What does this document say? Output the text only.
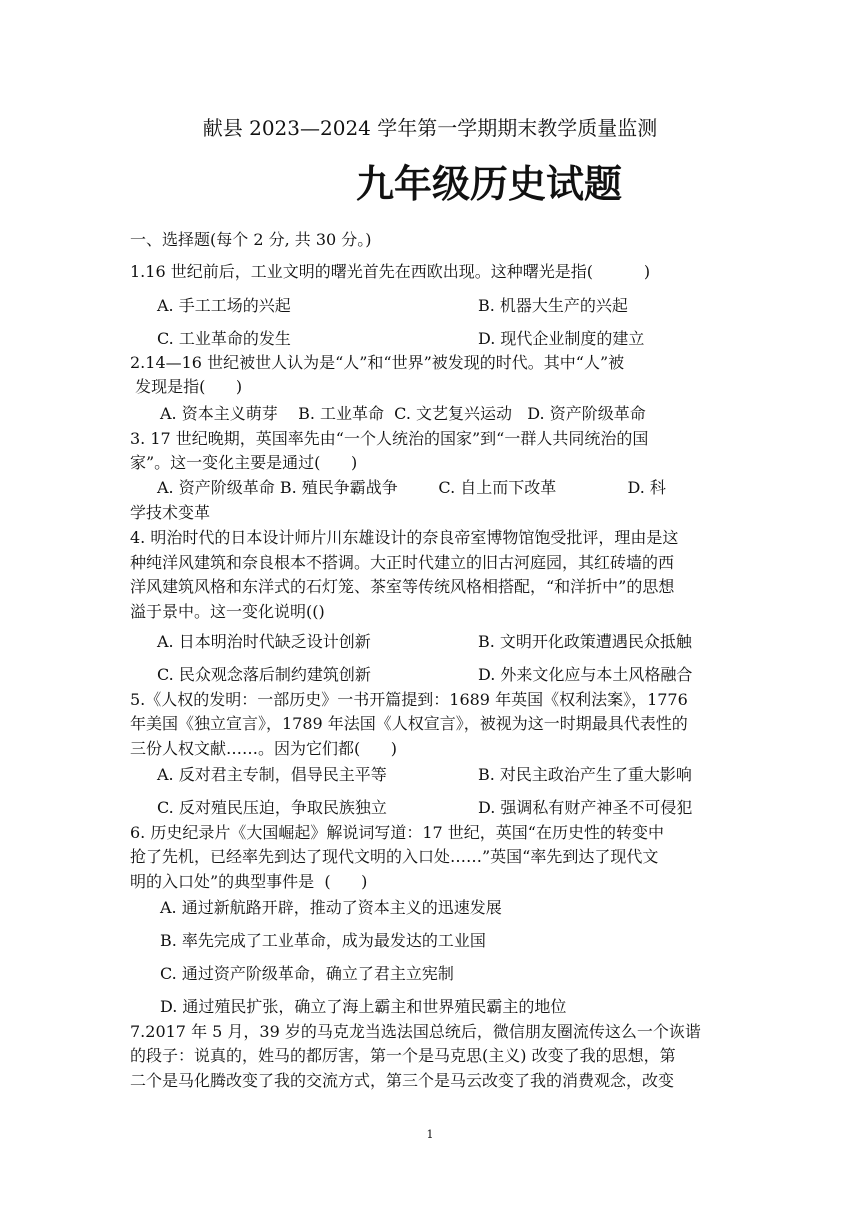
献县 2023—2024 学年第一学期期末教学质量监测
九年级历史试题
一、选择题(每个 2 分, 共 30 分。)
1.16 世纪前后，工业文明的曙光首先在西欧出现。这种曙光是指(          )
A. 手工工场的兴起	B. 机器大生产的兴起
C. 工业革命的发生	D. 现代企业制度的建立
2.14—16 世纪被世人认为是“人”和“世界”被发现的时代。其中“人”被
发现是指(      )
A. 资本主义萌芽    B. 工业革命  C. 文艺复兴运动   D. 资产阶级革命
3. 17 世纪晚期，英国率先由“一个人统治的国家”到“一群人共同统治的国
家”。这一变化主要是通过(      )
A. 资产阶级革命 B. 殖民争霸战争        C. 自上而下改革              D. 科
学技术变革
4. 明治时代的日本设计师片川东雄设计的奈良帝室博物馆饱受批评，理由是这
种纯洋风建筑和奈良根本不搭调。大正时代建立的旧古河庭园，其红砖墙的西
洋风建筑风格和东洋式的石灯笼、茶室等传统风格相搭配，“和洋折中”的思想
溢于景中。这一变化说明(()
A. 日本明治时代缺乏设计创新	B. 文明开化政策遭遇民众抵触
C. 民众观念落后制约建筑创新	D. 外来文化应与本土风格融合
5.《人权的发明：一部历史》一书开篇提到：1689 年英国《权利法案》，1776
年美国《独立宣言》，1789 年法国《人权宣言》，被视为这一时期最具代表性的
三份人权文献……。因为它们都(      )
A. 反对君主专制，倡导民主平等	B. 对民主政治产生了重大影响
C. 反对殖民压迫，争取民族独立	D. 强调私有财产神圣不可侵犯
6. 历史纪录片《大国崛起》解说词写道：17 世纪，英国“在历史性的转变中
抢了先机，已经率先到达了现代文明的入口处……”英国“率先到达了现代文
明的入口处”的典型事件是  (      )
A. 通过新航路开辟，推动了资本主义的迅速发展
B. 率先完成了工业革命，成为最发达的工业国
C. 通过资产阶级革命，确立了君主立宪制
D. 通过殖民扩张，确立了海上霸主和世界殖民霸主的地位
7.2017 年 5 月，39 岁的马克龙当选法国总统后，微信朋友圈流传这么一个诙谐
的段子：说真的，姓马的都厉害，第一个是马克思(主义) 改变了我的思想，第
二个是马化腾改变了我的交流方式，第三个是马云改变了我的消费观念，改变
1
